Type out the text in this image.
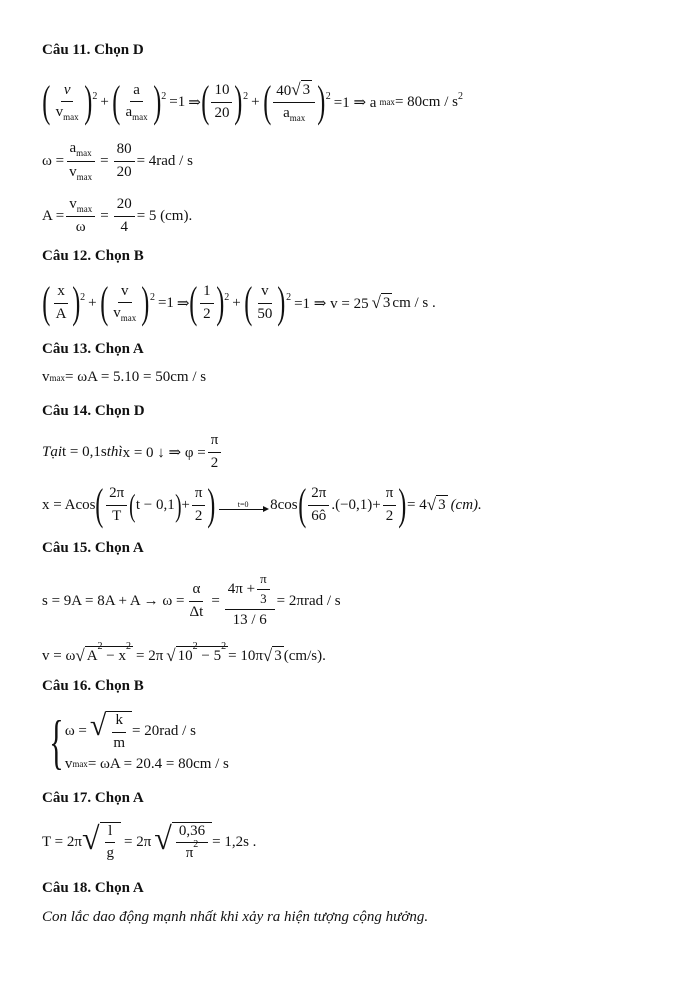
Câu 11. Chọn D
( $\frac{v}{v_{max}} )^2$ + ( $\frac{a}{a_{max}} )^2 =1$ ⇒ ( $\frac{10}{20} )^2$ + ( $\frac{40 √ 3}{a_{max}} )^2 =1$ ⇒ a $\max = 80cm / s^2$
$\omega = \frac{a_{max}}{v_{max}} = \frac{80}{20} = 4rad / s$
$A = \frac{v_{max}}{\omega} = \frac{20}{4} = 5$ (cm).
Câu 12. Chọn B
( $\frac{x}{A} )^2$ + ( $\frac{v}{v_{max}} )^2 =1$ ⇒ ( $\frac{1}{2} )^2$ + ( $\frac{v}{50} )^2 =1$ ⇒ v = 25 √ 3 cm / s .
Câu 13. Chọn A
v max = ωA = 5.10 = 50cm / s
Câu 14. Chọn D
Tại t = 0,1s thì x = 0 ↓ ⇒ $\varphi = \frac{\pi}{2}$
x = Acos ( $\frac{2\pi}{T}$ ( t − 0,1 ) + $\frac{\pi}{2}$ )	t=0 8cos ( $\frac{2\pi}{6ô} .(-0,1) + \frac{\pi}{2}$ ) = 4 √ 3 (cm).
Câu 15. Chọn A
$s = 9A = 8A + A \to \omega = \frac{\alpha}{\Delta t} = \frac{4\pi + \frac{\pi}{3}}{13 / 6} = 2\pi rad / s$
v = ω √ $A^2 - x^2$
= 2π √ $10^2 - 5^2$
= 10π √ 3 (cm/s).
Câu 16. Chọn B
{ ω = √ $\frac{k}{m} = 20rad / s$
v max = ωA = 20.4 = 80cm / s
Câu 17. Chọn A
T = 2π √ $\frac{l}{g} = 2\pi$ √ $\frac{0,36}{\pi^2} = 1,2s$ .
Câu 18. Chọn A
Con lắc dao động mạnh nhất khi xảy ra hiện tượng cộng hưởng.
